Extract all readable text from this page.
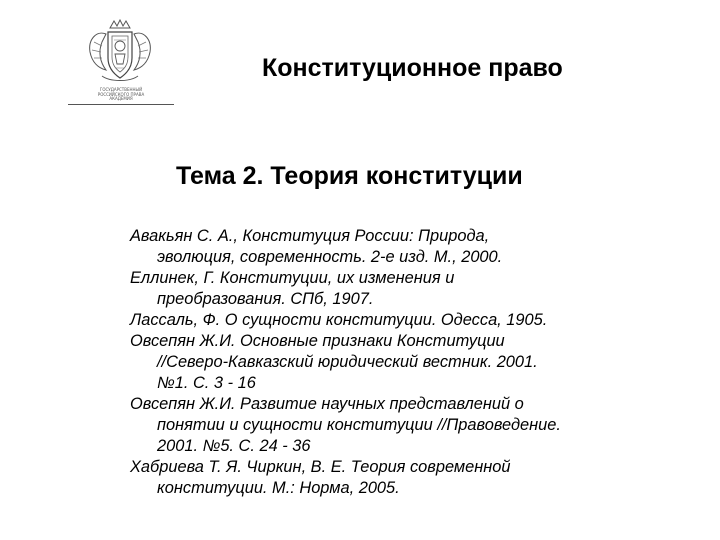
ГОСУДАРСТВЕННЫЙ
РОССИЙСКОГО ПРАВА
АКАДЕМИЯ
Конституционное право
Тема 2. Теория конституции
Авакьян С. А., Конституция России: Природа,
эволюция, современность. 2-е изд. М., 2000.
Еллинек, Г. Конституции, их изменения и
преобразования. СПб, 1907.
Лассаль, Ф. О сущности конституции. Одесса, 1905.
Овсепян Ж.И. Основные признаки Конституции
//Северо-Кавказский юридический вестник. 2001.
№1. С. 3 - 16
Овсепян Ж.И. Развитие научных представлений о
понятии и сущности конституции //Правоведение.
2001. №5. С. 24 - 36
Хабриева Т. Я. Чиркин, В. Е. Теория современной
конституции. М.: Норма, 2005.
